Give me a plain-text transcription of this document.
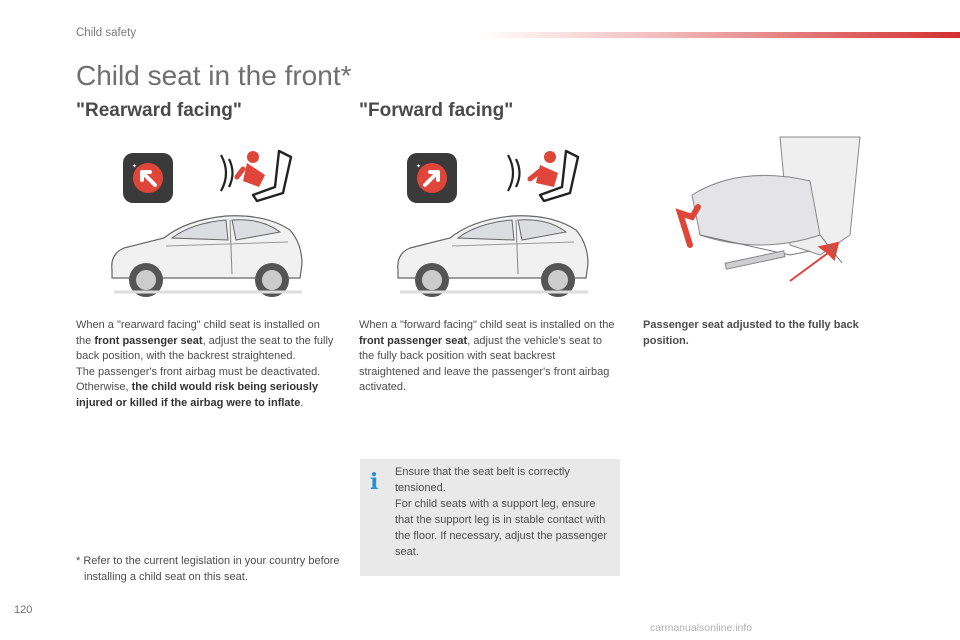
Child safety
Child seat in the front*
"Rearward facing"	"Forward facing"
✦	✦
When a "rearward facing" child seat is installed on the front passenger seat, adjust the seat to the fully back position, with the backrest straightened.
The passenger's front airbag must be deactivated. Otherwise, the child would risk being seriously injured or killed if the airbag were to inflate.
When a "forward facing" child seat is installed on the front passenger seat, adjust the vehicle's seat to the fully back position with seat backrest straightened and leave the passenger's front airbag activated.
Passenger seat adjusted to the fully back position.
i	Ensure that the seat belt is correctly tensioned.
For child seats with a support leg, ensure that the support leg is in stable contact with the floor. If necessary, adjust the passenger seat.
* Refer to the current legislation in your country before installing a child seat on this seat.
120
carmanualsonline.info
